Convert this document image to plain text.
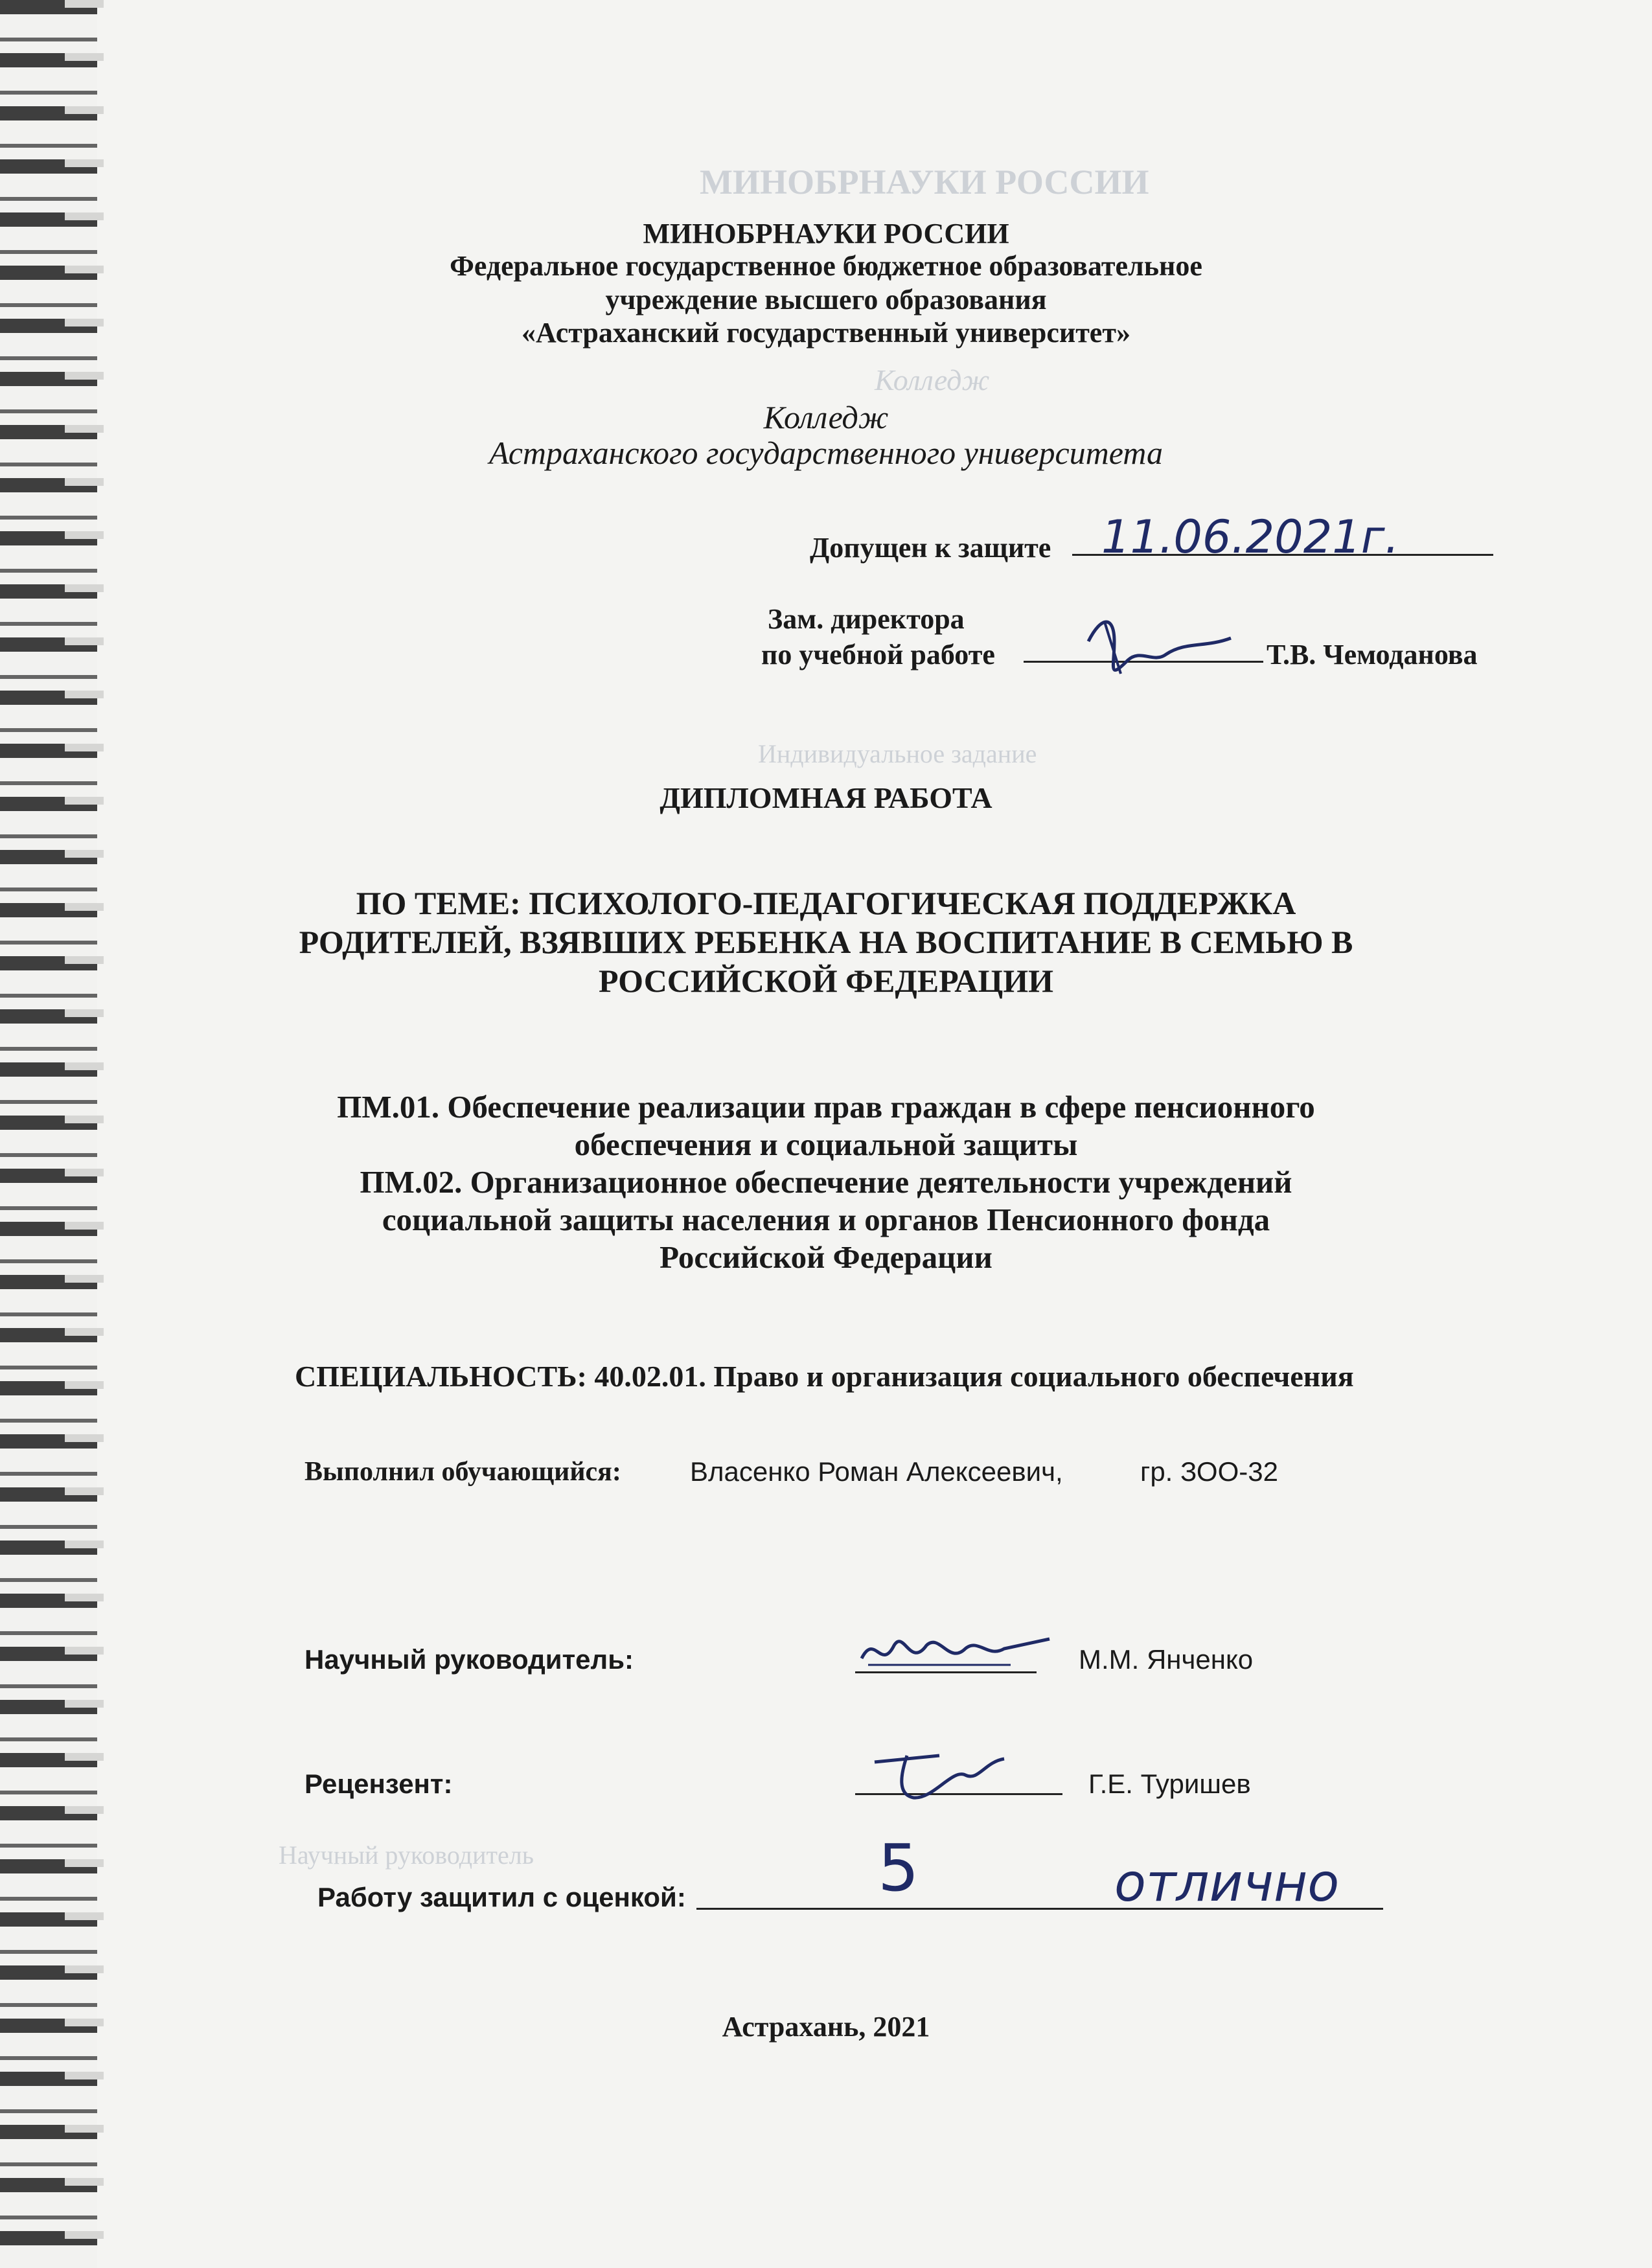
МИНОБРНАУКИ РОССИИ
Колледж
Индивидуальное задание
Научный руководитель
МИНОБРНАУКИ РОССИИ
Федеральное государственное бюджетное образовательное
учреждение высшего образования
«Астраханский государственный университет»
Колледж
Астраханского государственного университета
Допущен к защите 11.06.2021г.
Зам. директора
по учебной работе	Т.В. Чемоданова
ДИПЛОМНАЯ РАБОТА
ПО ТЕМЕ: ПСИХОЛОГО-ПЕДАГОГИЧЕСКАЯ ПОДДЕРЖКА
РОДИТЕЛЕЙ, ВЗЯВШИХ РЕБЕНКА НА ВОСПИТАНИЕ В СЕМЬЮ В
РОССИЙСКОЙ ФЕДЕРАЦИИ
ПМ.01. Обеспечение реализации прав граждан в сфере пенсионного
обеспечения и социальной защиты
ПМ.02. Организационное обеспечение деятельности учреждений
социальной защиты населения и органов Пенсионного фонда
Российской Федерации
СПЕЦИАЛЬНОСТЬ: 40.02.01. Право и организация социального обеспечения
Выполнил обучающийся:	Власенко Роман Алексеевич,	гр. ЗОО-32
Научный руководитель:	М.М. Янченко
Рецензент:	Г.Е. Туришев
Работу защитил с оценкой:	5	отлично
Астрахань, 2021
